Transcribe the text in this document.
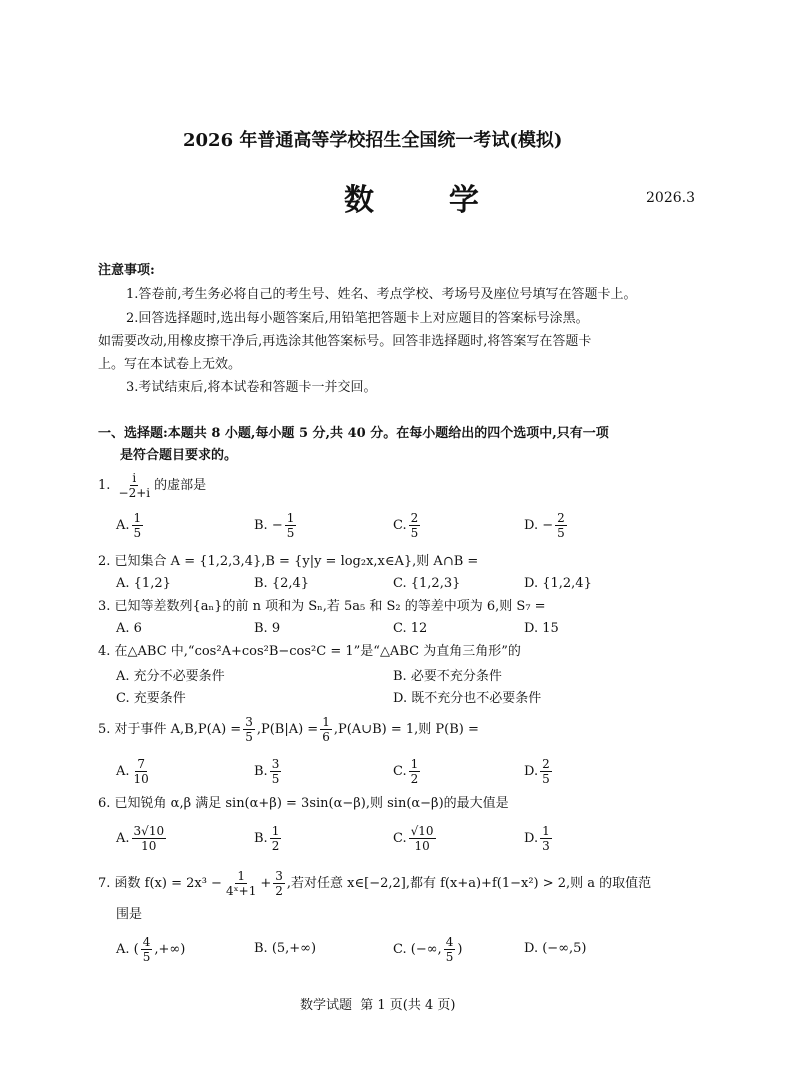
2026 年普通高等学校招生全国统一考试(模拟)
数  学	2026.3
注意事项:
1.答卷前,考生务必将自己的考生号、姓名、考点学校、考场号及座位号填写在答题卡上。
2.回答选择题时,选出每小题答案后,用铅笔把答题卡上对应题目的答案标号涂黑。
如需要改动,用橡皮擦干净后,再选涂其他答案标号。回答非选择题时,将答案写在答题卡
上。写在本试卷上无效。
3.考试结束后,将本试卷和答题卡一并交回。
一、选择题:本题共 8 小题,每小题 5 分,共 40 分。在每小题给出的四个选项中,只有一项
是符合题目要求的。
1. $\frac{i}{-2+i}$ 的虚部是
A. $\frac{1}{5}$	B. − $\frac{1}{5}$	C. $\frac{2}{5}$	D. − $\frac{2}{5}$
2. 已知集合 A = {1,2,3,4},B = {y|y = log₂x,x∈A},则 A∩B =
A. {1,2}	B. {2,4}	C. {1,2,3}	D. {1,2,4}
3. 已知等差数列{aₙ}的前 n 项和为 Sₙ,若 5a₅ 和 S₂ 的等差中项为 6,则 S₇ =
A. 6	B. 9	C. 12	D. 15
4. 在△ABC 中,“cos²A+cos²B−cos²C = 1”是“△ABC 为直角三角形”的
A. 充分不必要条件	B. 必要不充分条件
C. 充要条件	D. 既不充分也不必要条件
5. 对于事件 $A,B,P(A) = \frac{3}{5} ,P(B|A) = \frac{1}{6}$ ,P(A∪B) = 1,则 P(B) =
A. $\frac{7}{10}$	B. $\frac{3}{5}$	C. $\frac{1}{2}$	D. $\frac{2}{5}$
6. 已知锐角 α,β 满足 sin(α+β) = 3sin(α−β),则 sin(α−β)的最大值是
A. $\frac{3√10}{10}$	B. $\frac{1}{2}$	C. $\frac{√10}{10}$	D. $\frac{1}{3}$
7. 函数 $f(x) = 2x^3 - \frac{1}{\text{4ˣ+1}} + \frac{3}{2}$ ,若对任意 x∈[−2,2],都有 f(x+a)+f(1−x²) > 2,则 a 的取值范
围是
A. ( $\frac{4}{5}$ ,+∞)	B. (5,+∞)	C. (−∞, $\frac{4}{5}$ )	D. (−∞,5)
数学试题  第 1 页(共 4 页)
